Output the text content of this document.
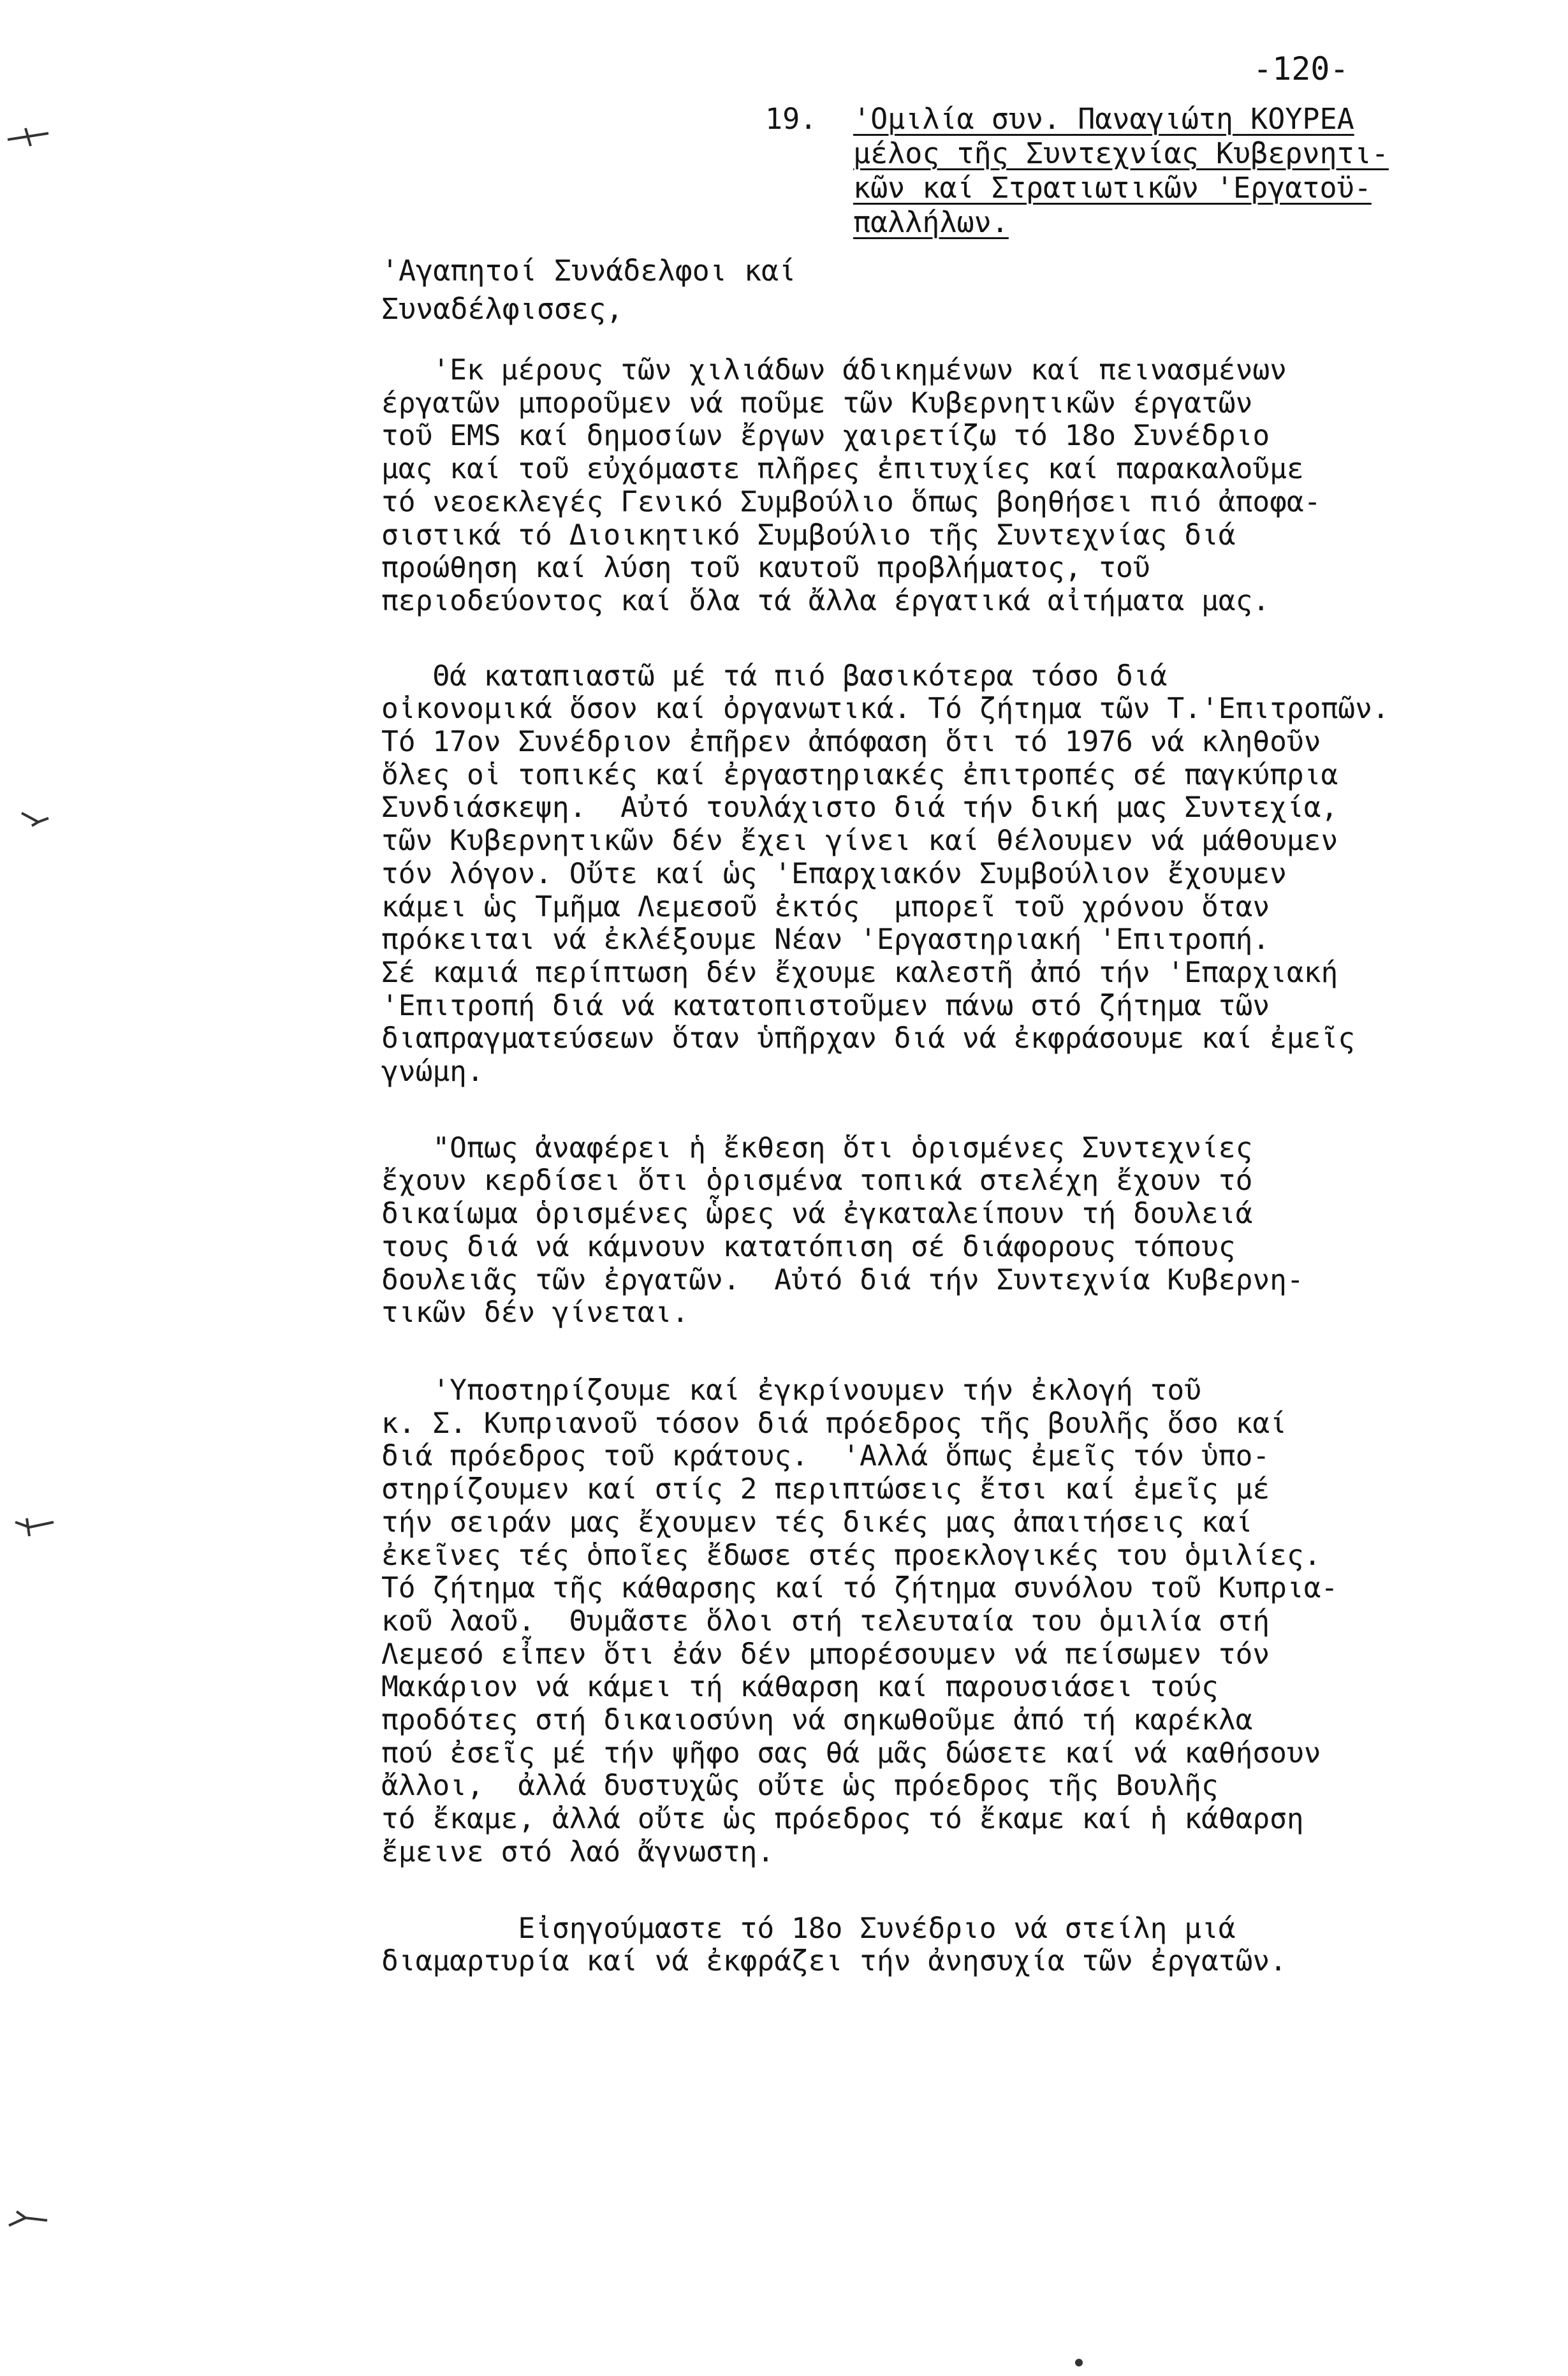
-120-
19. 'Ομιλία συν. Παναγιώτη ΚΟΥΡΕΑ
μέλος τῆς Συντεχνίας Κυβερνητι-
κῶν καί Στρατιωτικῶν 'Εργατοϋ-
παλλήλων.
'Αγαπητοί Συνάδελφοι καί
Συναδέλφισσες,
'Εκ μέρους τῶν χιλιάδων άδικημένων καί πεινασμένων
έργατῶν μποροῦμεν νά ποῦμε τῶν Κυβερνητικῶν έργατῶν
τοῦ EMS καί δημοσίων ἔργων χαιρετίζω τό 18ο Συνέδριο
μας καί τοῦ εὐχόμαστε πλῆρες ἐπιτυχίες καί παρακαλοῦμε
τό νεοεκλεγές Γενικό Συμβούλιο ὅπως βοηθήσει πιό ἀποφα-
σιστικά τό Διοικητικό Συμβούλιο τῆς Συντεχνίας διά
προώθηση καί λύση τοῦ καυτοῦ προβλήματος, τοῦ
περιοδεύοντος καί ὅλα τά ἄλλα έργατικά αἰτήματα μας.
Θά καταπιαστῶ μέ τά πιό βασικότερα τόσο διά
οἰκονομικά ὅσον καί ὀργανωτικά. Τό ζήτημα τῶν Τ.'Επιτροπῶν.
Τό 17ον Συνέδριον ἐπῆρεν ἀπόφαση ὅτι τό 1976 νά κληθοῦν
ὅλες οἱ τοπικές καί ἐργαστηριακές ἐπιτροπές σέ παγκύπρια
Συνδιάσκεψη.  Αὐτό τουλάχιστο διά τήν δική μας Συντεχία,
τῶν Κυβερνητικῶν δέν ἔχει γίνει καί θέλουμεν νά μάθουμεν
τόν λόγον. Οὔτε καί ὡς 'Επαρχιακόν Συμβούλιον ἔχουμεν
κάμει ὡς Τμῆμα Λεμεσοῦ ἐκτός  μπορεῖ τοῦ χρόνου ὅταν
πρόκειται νά ἐκλέξουμε Νέαν 'Εργαστηριακή 'Επιτροπή.
Σέ καμιά περίπτωση δέν ἔχουμε καλεστῆ ἀπό τήν 'Επαρχιακή
'Επιτροπή διά νά κατατοπιστοῦμεν πάνω στό ζήτημα τῶν
διαπραγματεύσεων ὅταν ὑπῆρχαν διά νά ἐκφράσουμε καί ἐμεῖς
γνώμη.
"Οπως ἀναφέρει ἡ ἔκθεση ὅτι ὁρισμένες Συντεχνίες
ἔχουν κερδίσει ὅτι ὁρισμένα τοπικά στελέχη ἔχουν τό
δικαίωμα ὁρισμένες ὧρες νά ἐγκαταλείπουν τή δουλειά
τους διά νά κάμνουν κατατόπιση σέ διάφορους τόπους
δουλειᾶς τῶν ἐργατῶν.  Αὐτό διά τήν Συντεχνία Κυβερνη-
τικῶν δέν γίνεται.
'Υποστηρίζουμε καί ἐγκρίνουμεν τήν ἐκλογή τοῦ
κ. Σ. Κυπριανοῦ τόσον διά πρόεδρος τῆς βουλῆς ὅσο καί
διά πρόεδρος τοῦ κράτους.  'Αλλά ὅπως ἐμεῖς τόν ὑπο-
στηρίζουμεν καί στίς 2 περιπτώσεις ἔτσι καί ἐμεῖς μέ
τήν σειράν μας ἔχουμεν τές δικές μας ἀπαιτήσεις καί
ἐκεῖνες τές ὁποῖες ἔδωσε στές προεκλογικές του ὁμιλίες.
Τό ζήτημα τῆς κάθαρσης καί τό ζήτημα συνόλου τοῦ Κυπρια-
κοῦ λαοῦ.  Θυμᾶστε ὅλοι στή τελευταία του ὁμιλία στή
Λεμεσό εἶπεν ὅτι ἐάν δέν μπορέσουμεν νά πείσωμεν τόν
Μακάριον νά κάμει τή κάθαρση καί παρουσιάσει τούς
προδότες στή δικαιοσύνη νά σηκωθοῦμε ἀπό τή καρέκλα
πού ἐσεῖς μέ τήν ψῆφο σας θά μᾶς δώσετε καί νά καθήσουν
ἄλλοι,  ἀλλά δυστυχῶς οὔτε ὡς πρόεδρος τῆς Βουλῆς
τό ἔκαμε, ἀλλά οὔτε ὡς πρόεδρος τό ἔκαμε καί ἡ κάθαρση
ἔμεινε στό λαό ἄγνωστη.
Εἰσηγούμαστε τό 18ο Συνέδριο νά στείλη μιά
διαμαρτυρία καί νά ἐκφράζει τήν ἀνησυχία τῶν ἐργατῶν.
